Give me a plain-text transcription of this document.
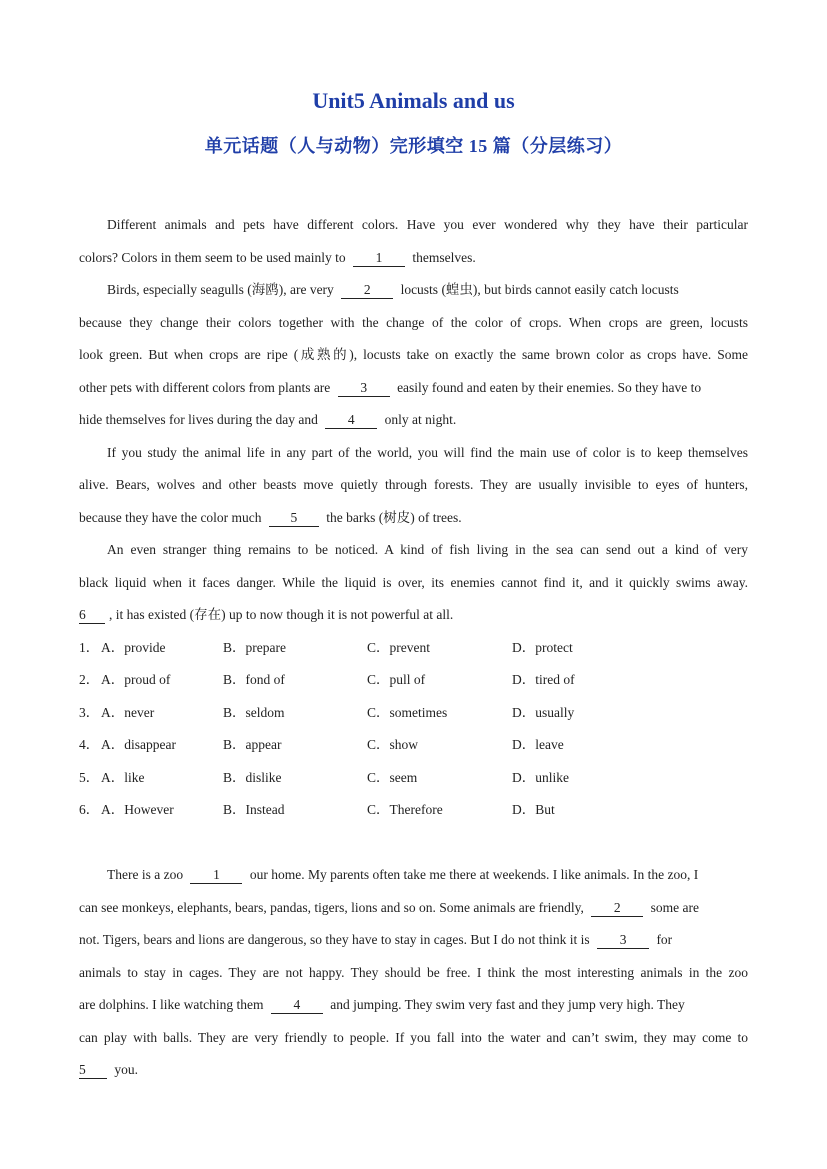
Unit5 Animals and us
单元话题（人与动物）完形填空 15 篇（分层练习）
Different animals and pets have different colors. Have you ever wondered why they have their particular
colors? Colors in them seem to be used mainly to 1 themselves.
Birds, especially seagulls (海鸥), are very 2 locusts (蝗虫), but birds cannot easily catch locusts
because they change their colors together with the change of the color of crops. When crops are green, locusts
look green. But when crops are ripe (成熟的), locusts take on exactly the same brown color as crops have. Some
other pets with different colors from plants are 3 easily found and eaten by their enemies. So they have to
hide themselves for lives during the day and 4 only at night.
If you study the animal life in any part of the world, you will find the main use of color is to keep themselves
alive. Bears, wolves and other beasts move quietly through forests. They are usually invisible to eyes of hunters,
because they have the color much 5 the barks (树皮) of trees.
An even stranger thing remains to be noticed. A kind of fish living in the sea can send out a kind of very
black liquid when it faces danger. While the liquid is over, its enemies cannot find it, and it quickly swims away.
6 , it has existed (存在) up to now though it is not powerful at all.
1． A．provide	B．prepare	C．prevent	D．protect
2． A．proud of	B．fond of	C．pull of	D．tired of
3． A．never	B．seldom	C．sometimes	D．usually
4． A．disappear	B．appear	C．show	D．leave
5． A．like	B．dislike	C．seem	D．unlike
6． A．However	B．Instead	C．Therefore	D．But
There is a zoo 1 our home. My parents often take me there at weekends. I like animals. In the zoo, I
can see monkeys, elephants, bears, pandas, tigers, lions and so on. Some animals are friendly, 2 some are
not. Tigers, bears and lions are dangerous, so they have to stay in cages. But I do not think it is 3 for
animals to stay in cages. They are not happy. They should be free. I think the most interesting animals in the zoo
are dolphins. I like watching them 4 and jumping. They swim very fast and they jump very high. They
can play with balls. They are very friendly to people. If you fall into the water and can’t swim, they may come to
5 you.
